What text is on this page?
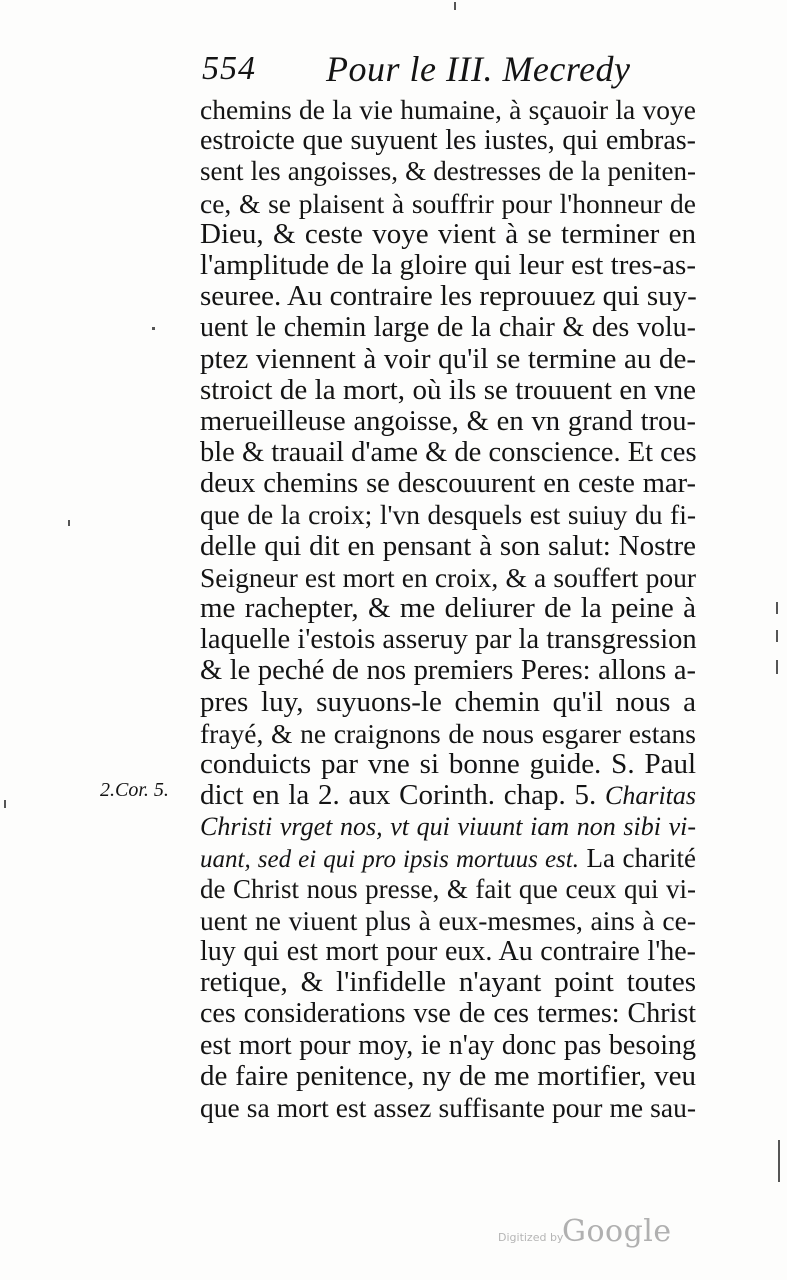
554 Pour le III. Mecredy
2.Cor. 5.
chemins de la vie humaine, à sçauoir la voye
estroicte que suyuent les iustes, qui embras-
sent les angoisses, & destresses de la peniten-
ce, & se plaisent à souffrir pour l'honneur de
Dieu, & ceste voye vient à se terminer en
l'amplitude de la gloire qui leur est tres-as-
seuree. Au contraire les reprouuez qui suy-
uent le chemin large de la chair & des volu-
ptez viennent à voir qu'il se termine au de-
stroict de la mort, où ils se trouuent en vne
merueilleuse angoisse, & en vn grand trou-
ble & trauail d'ame & de conscience. Et ces
deux chemins se descouurent en ceste mar-
que de la croix; l'vn desquels est suiuy du fi-
delle qui dit en pensant à son salut: Nostre
Seigneur est mort en croix, & a souffert pour
me rachepter, & me deliurer de la peine à
laquelle i'estois asseruy par la transgression
& le peché de nos premiers Peres: allons a-
pres luy, suyuons-le chemin qu'il nous a
frayé, & ne craignons de nous esgarer estans
conduicts par vne si bonne guide. S. Paul
dict en la 2. aux Corinth. chap. 5. Charitas
Christi vrget nos, vt qui viuunt iam non sibi vi-
uant, sed ei qui pro ipsis mortuus est. La charité
de Christ nous presse, & fait que ceux qui vi-
uent ne viuent plus à eux-mesmes, ains à ce-
luy qui est mort pour eux. Au contraire l'he-
retique, & l'infidelle n'ayant point toutes
ces considerations vse de ces termes: Christ
est mort pour moy, ie n'ay donc pas besoing
de faire penitence, ny de me mortifier, veu
que sa mort est assez suffisante pour me sau-
Digitized by
Google
